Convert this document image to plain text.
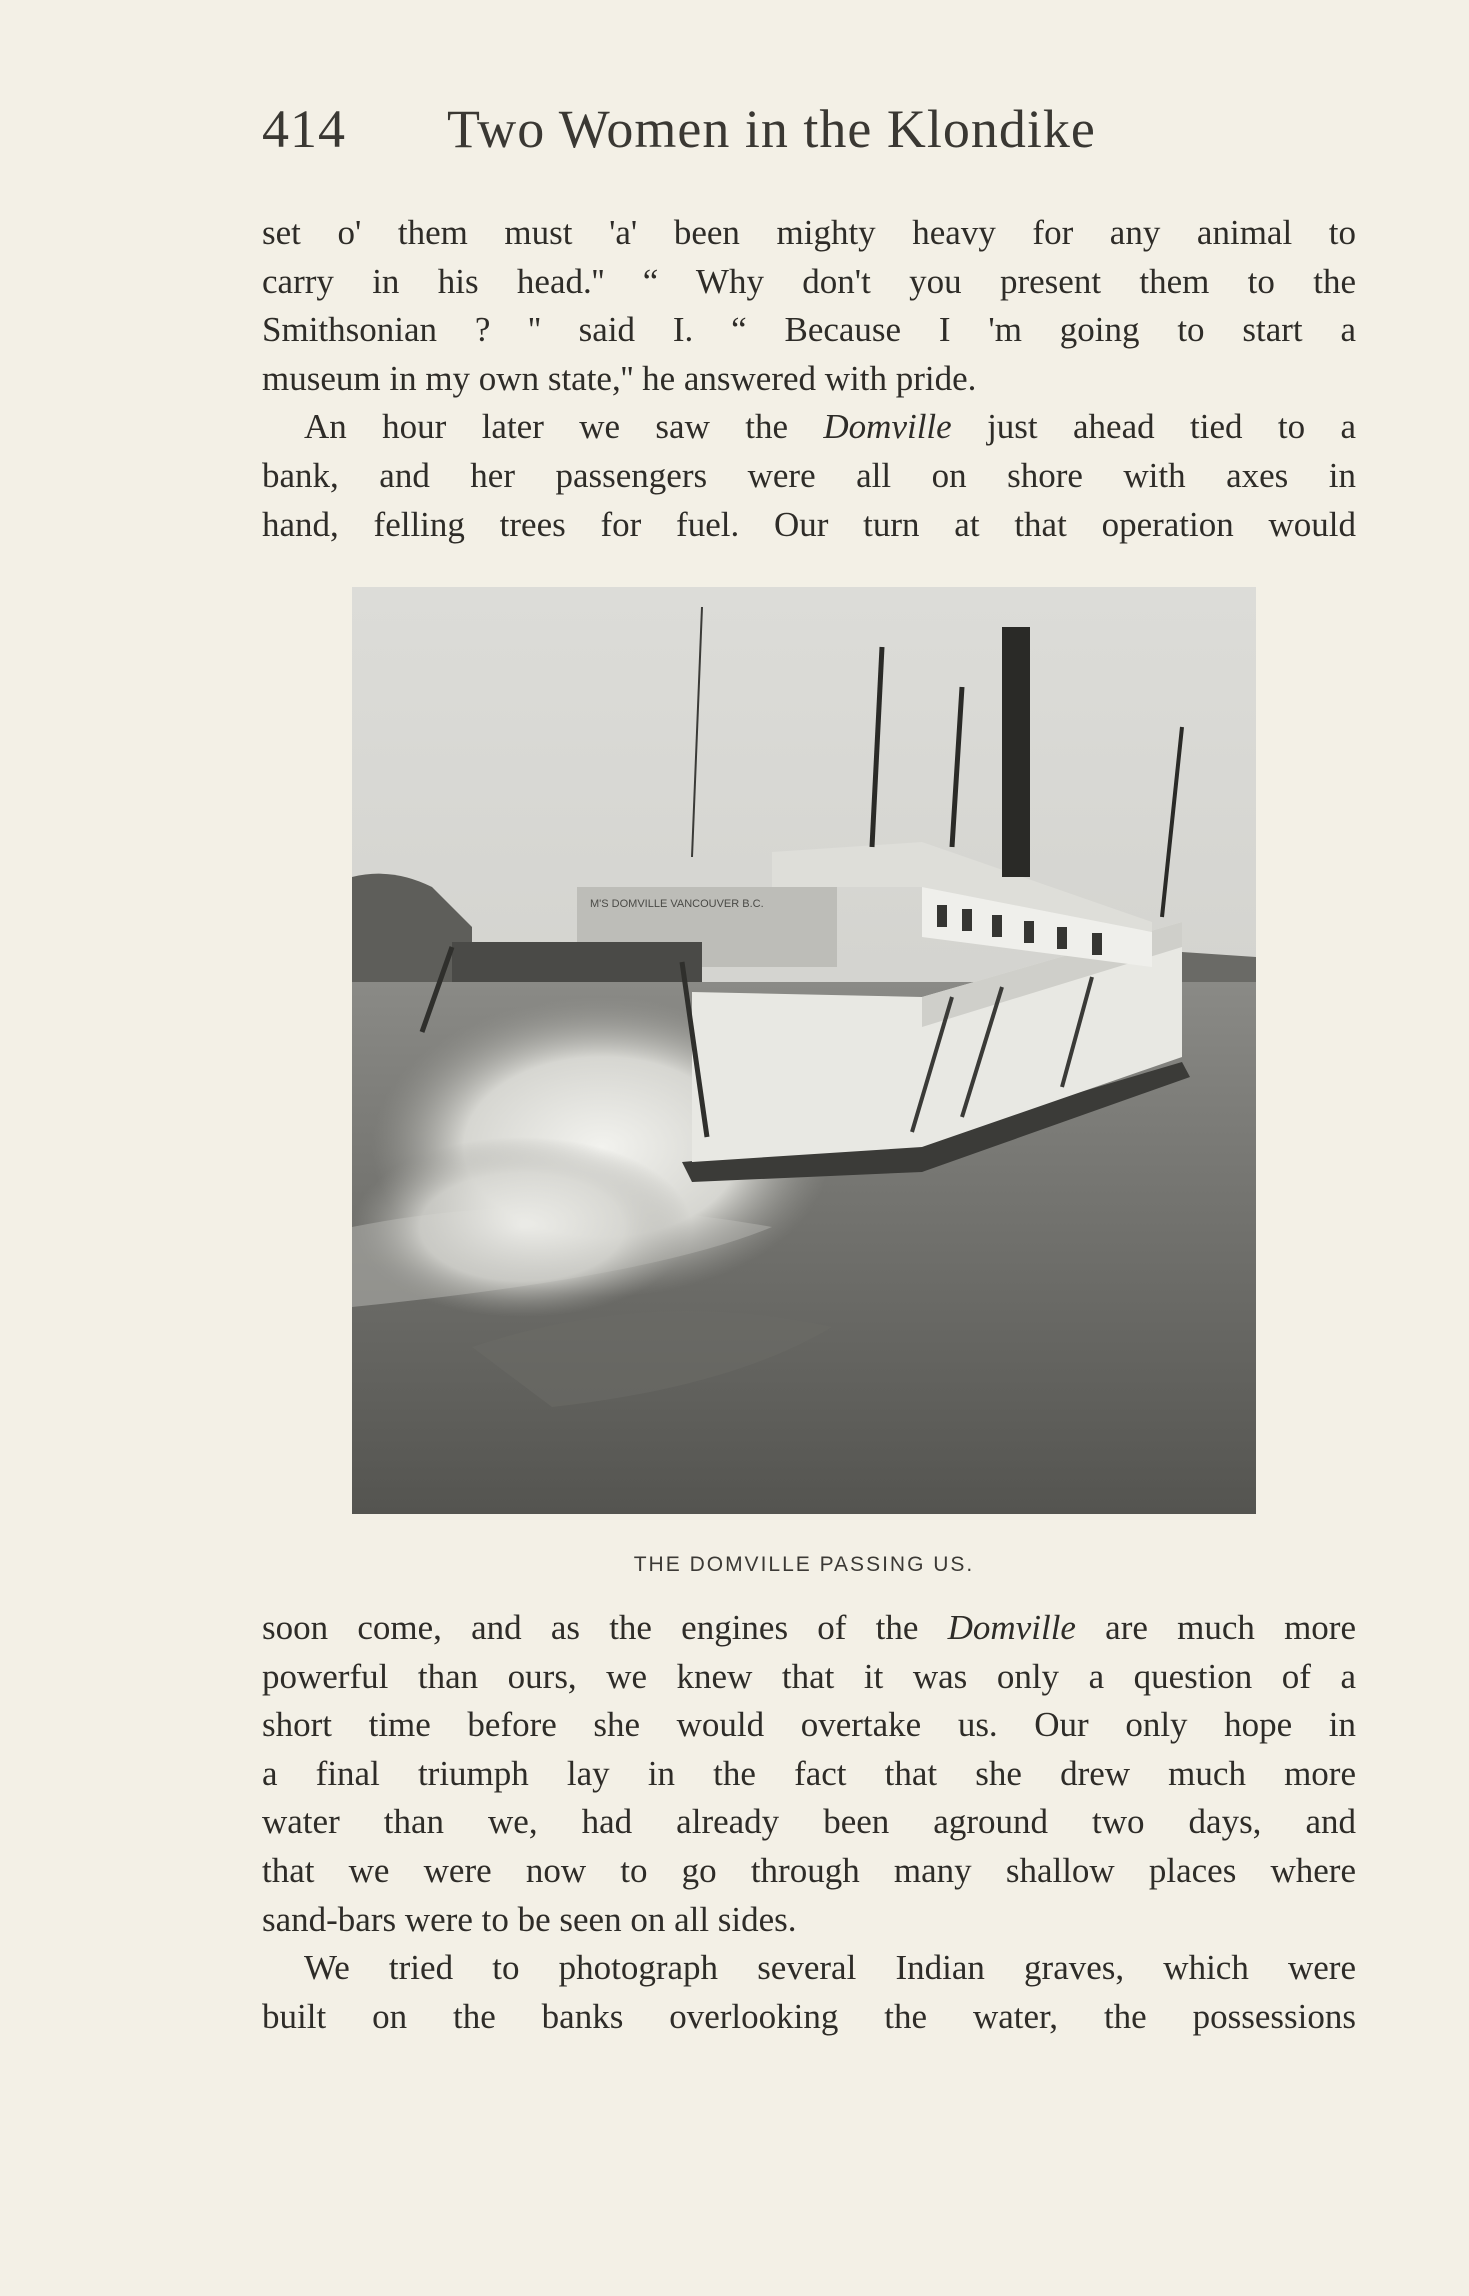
414	Two Women in the Klondike
set o' them must 'a' been mighty heavy for any animal to
carry in his head.'' “ Why don't you present them to the
Smithsonian ? '' said I. “ Because I 'm going to start a
museum in my own state,'' he answered with pride.
An hour later we saw the Domville just ahead tied to a
bank, and her passengers were all on shore with axes in
hand, felling trees for fuel. Our turn at that operation would
M'S DOMVILLE VANCOUVER B.C.
THE DOMVILLE PASSING US.
soon come, and as the engines of the Domville are much more
powerful than ours, we knew that it was only a question of a
short time before she would overtake us. Our only hope in
a final triumph lay in the fact that she drew much more
water than we, had already been aground two days, and
that we were now to go through many shallow places where
sand-bars were to be seen on all sides.
We tried to photograph several Indian graves, which were
built on the banks overlooking the water, the possessions
